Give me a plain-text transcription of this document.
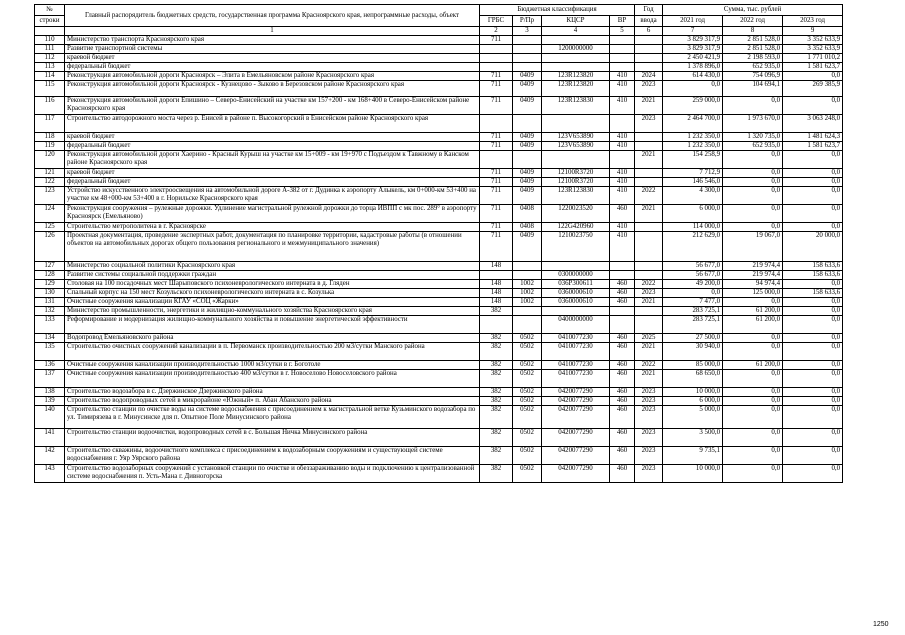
№	Главный распорядитель бюджетных средств, государственная программа Красноярского края, непрограммные расходы, объект	Бюджетная классификация				Год	Сумма, тыс. рублей		
строки		ГРБС	Р/Пр	КЦСР	ВР	ввода	2021 год	2022 год	2023 год
	1	2	3	4	5	6	7	8	9
110	Министерство транспорта Красноярского края	711					3 829 317,9	2 851 528,0	3 352 633,9
111	Развитие транспортной системы			1200000000			3 829 317,9	2 851 528,0	3 352 633,9
112	краевой бюджет						2 450 421,9	2 198 593,0	1 771 010,2
113	федеральный бюджет						1 378 896,0	652 935,0	1 581 623,7
114	Реконструкция автомобильной дороги Красноярск – Элита в Емельяновском районе Красноярского края	711	0409	123R123820	410	2024	614 430,0	754 096,9	0,0
115	Реконструкция автомобильной дороги Красноярск - Кузнецово - Зыково в Березовском районе Красноярского края	711	0409	123R123820	410	2023	0,0	104 694,1	269 385,9
116	Реконструкция автомобильной дороги Епишино – Северо-Енисейский на участке км 157+200 - км 168+400 в Северо-Енисейском районе Красноярского края	711	0409	123R123830	410	2021	259 000,0	0,0	0,0
117	Строительство автодорожного моста через р. Енисей в районе п. Высокогорский в Енисейском районе Красноярского края					2023	2 464 700,0	1 973 670,0	3 063 248,0
118	краевой бюджет	711	0409	123V653890	410		1 232 350,0	1 320 735,0	1 481 624,3
119	федеральный бюджет	711	0409	123V653890	410		1 232 350,0	652 935,0	1 581 623,7
120	Реконструкция автомобильной дороги Хаерино - Красный Курыш на участке км 15+009 - км 19+970 с Подъездом к Тавжному в Канском районе Красноярского края					2021	154 258,9	0,0	0,0
121	краевой бюджет	711	0409	12100R3720	410		7 712,9	0,0	0,0
122	федеральный бюджет	711	0409	12100R3720	410		146 546,0	0,0	0,0
123	Устройство искусственного электроосвещения на автомобильной дороге А-382 от г. Дудинка к аэропорту Алыкель, км 0+000-км 53+400 на участке км 48+000-км 53+400 в г. Норильске Красноярского края	711	0409	123R123830	410	2022	4 300,0	0,0	0,0
124	Реконструкция сооружения – рулежные дорожки. Удлинение магистральной рулежной дорожки до торца ИВПП с мк пос. 289° в аэропорту Красноярск (Емельяново)	711	0408	1220023520	460	2021	6 000,0	0,0	0,0
125	Строительство метрополитена в г. Красноярске	711	0408	122G420960	410		114 000,0	0,0	0,0
126	Проектная документация, проведение экспертных работ, документация по планировке территории, кадастровые работы (в отношении объектов на автомобильных дорогах общего пользования регионального и межмуниципального значения)	711	0409	1210023750	410		212 629,0	19 067,0	20 000,0
127	Министерство социальной политики Красноярского края	148					56 677,0	219 974,4	158 633,6
128	Развитие системы социальной поддержки граждан			0300000000			56 677,0	219 974,4	158 633,6
129	Столовая на 100 посадочных мест Шарыповского психоневрологического интерната в д. Гляден	148	1002	036P300611	460	2022	49 200,0	94 974,4	0,0
130	Спальный корпус на 150 мест Козульского психоневрологического интерната в с. Козулька	148	1002	0360000610	460	2023	0,0	125 000,0	158 633,6
131	Очистные сооружения канализации КГАУ «СОЦ «Жарки»	148	1002	0360000610	460	2021	7 477,0	0,0	0,0
132	Министерство промышленности, энергетики и жилищно-коммунального хозяйства Красноярского края	382					283 725,1	61 200,0	0,0
133	Реформирование и модернизация жилищно-коммунального хозяйства и повышение энергетической эффективности			0400000000			283 725,1	61 200,0	0,0
134	Водопровод Емельяновского района	382	0502	0410077230	460	2025	27 500,0	0,0	0,0
135	Строительство очистных сооружений канализации в п. Первоманск производительностью 200 м3/сутки Манского района	382	0502	0410077230	460	2021	30 940,0	0,0	0,0
136	Очистные сооружения канализации производительностью 1000 м3/сутки в г. Боготоле	382	0502	0410077230	460	2022	85 000,0	61 200,0	0,0
137	Очистные сооружения канализации производительностью 400 м3/сутки в г. Новоселово Новоселовского района	382	0502	0410077230	460	2021	68 650,0	0,0	0,0
138	Строительство водозабора в с. Дзержинское Дзержинского района	382	0502	0420077290	460	2023	10 000,0	0,0	0,0
139	Строительство водопроводных сетей в микрорайоне «Южный» п. Абан Абанского района	382	0502	0420077290	460	2023	6 000,0	0,0	0,0
140	Строительство станции по очистке воды на системе водоснабжения с присоединением к магистральной ветке Кузьминского водозабора по ул. Тимирязева в г. Минусинске для п. Опытное Поле Минусинского района	382	0502	0420077290	460	2023	5 000,0	0,0	0,0
141	Строительство станции водоочистки, водопроводных сетей в с. Большая Ничка Минусинского района	382	0502	0420077290	460	2023	3 500,0	0,0	0,0
142	Строительство скважины, водоочистного комплекса с присоединением к водозаборным сооружениям и существующей системе водоснабжения г. Уяр Уярского района	382	0502	0420077290	460	2023	9 735,1	0,0	0,0
143	Строительство водозаборных сооружений с установкой станции по очистке и обеззараживанию воды и подключению к централизованной системе водоснабжения п. Усть-Мана г. Дивногорска	382	0502	0420077290	460	2023	10 000,0	0,0	0,0
1250
